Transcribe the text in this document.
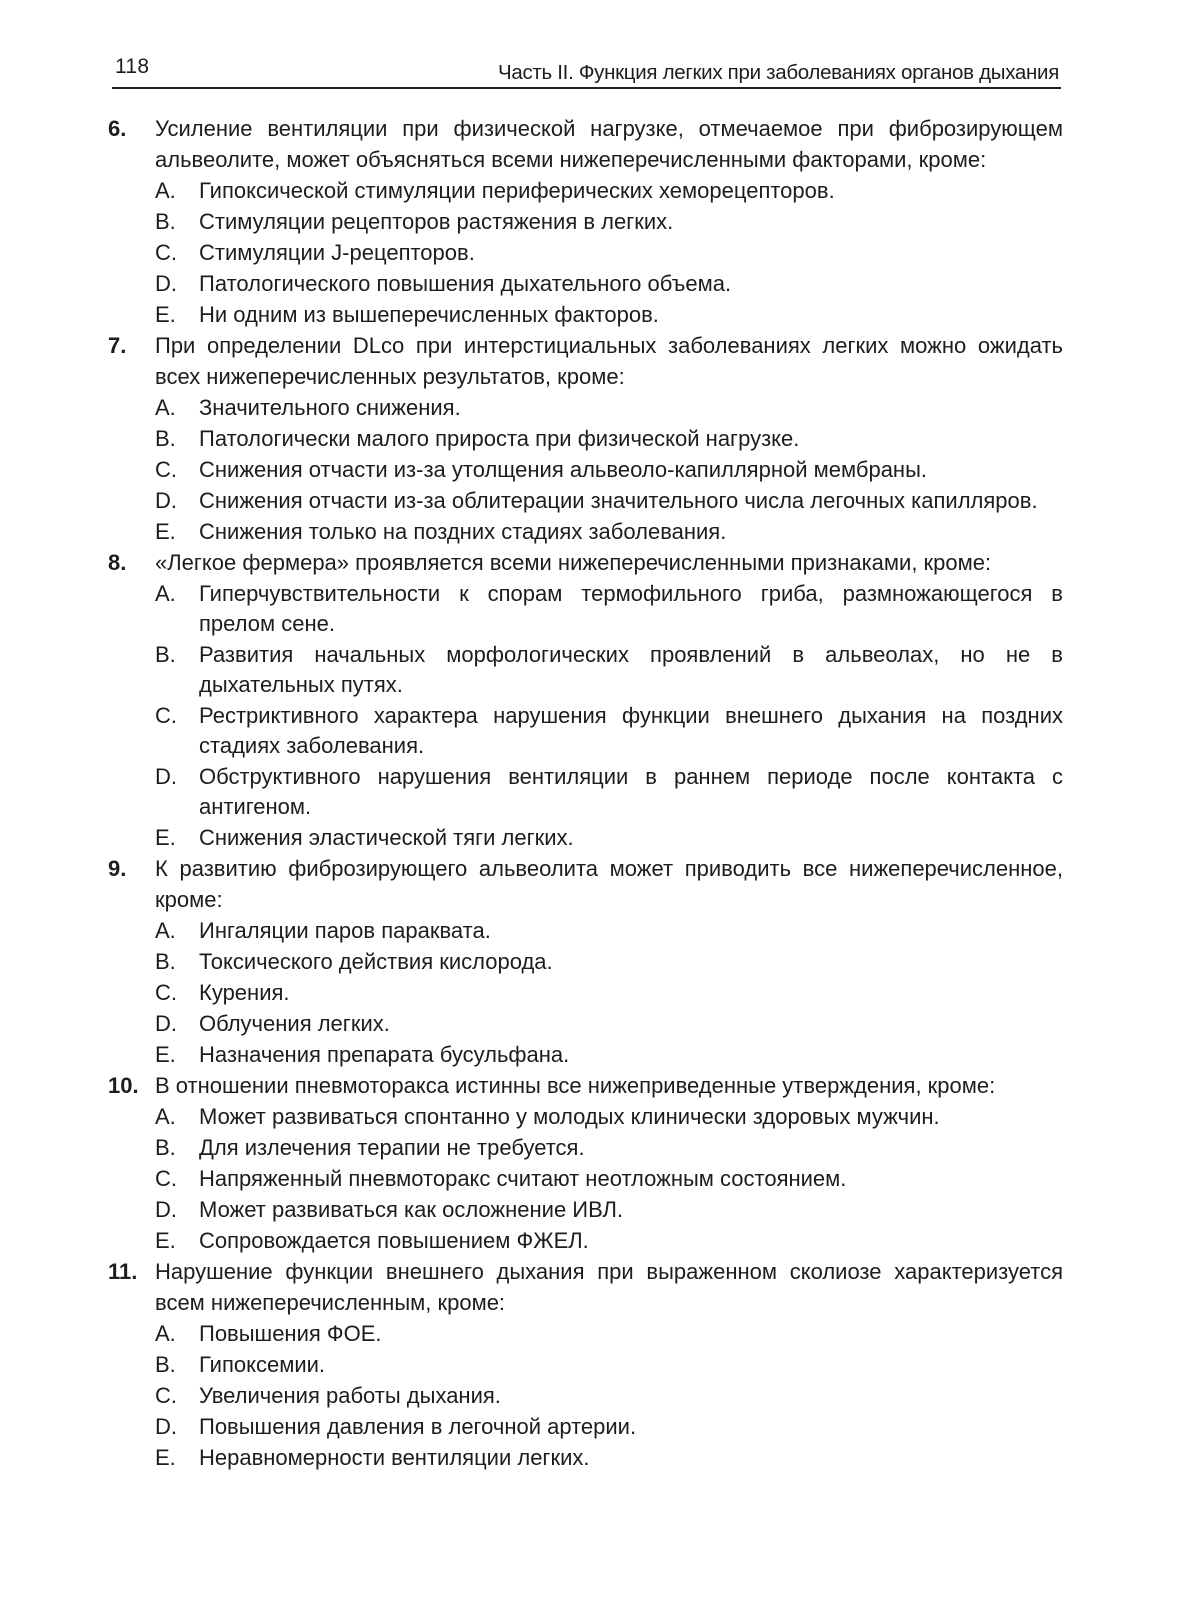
118	Часть II. Функция легких при заболеваниях органов дыхания
6.	Усиление вентиляции при физической нагрузке, отмечаемое при фиброзирующем альвеолите, может объясняться всеми нижеперечисленными факторами, кроме:
A.	Гипоксической стимуляции периферических хеморецепторов.
B.	Стимуляции рецепторов растяжения в легких.
C.	Стимуляции J-рецепторов.
D.	Патологического повышения дыхательного объема.
E.	Ни одним из вышеперечисленных факторов.
7.	При определении DLco при интерстициальных заболеваниях легких можно ожидать всех нижеперечисленных результатов, кроме:
A.	Значительного снижения.
B.	Патологически малого прироста при физической нагрузке.
C.	Снижения отчасти из-за утолщения альвеоло-капиллярной мембраны.
D.	Снижения отчасти из-за облитерации значительного числа легочных капилляров.
E.	Снижения только на поздних стадиях заболевания.
8.	«Легкое фермера» проявляется всеми нижеперечисленными признаками, кроме:
A.	Гиперчувствительности к спорам термофильного гриба, размножающегося в прелом сене.
B.	Развития начальных морфологических проявлений в альвеолах, но не в дыхательных путях.
C.	Рестриктивного характера нарушения функции внешнего дыхания на поздних стадиях заболевания.
D.	Обструктивного нарушения вентиляции в раннем периоде после контакта с антигеном.
E.	Снижения эластической тяги легких.
9.	К развитию фиброзирующего альвеолита может приводить все нижеперечисленное, кроме:
A.	Ингаляции паров параквата.
B.	Токсического действия кислорода.
C.	Курения.
D.	Облучения легких.
E.	Назначения препарата бусульфана.
10. В отношении пневмоторакса истинны все нижеприведенные утверждения, кроме:
A.	Может развиваться спонтанно у молодых клинически здоровых мужчин.
B.	Для излечения терапии не требуется.
C.	Напряженный пневмоторакс считают неотложным состоянием.
D.	Может развиваться как осложнение ИВЛ.
E.	Сопровождается повышением ФЖЕЛ.
11. Нарушение функции внешнего дыхания при выраженном сколиозе характеризуется всем нижеперечисленным, кроме:
A.	Повышения ФОЕ.
B.	Гипоксемии.
C.	Увеличения работы дыхания.
D.	Повышения давления в легочной артерии.
E.	Неравномерности вентиляции легких.
